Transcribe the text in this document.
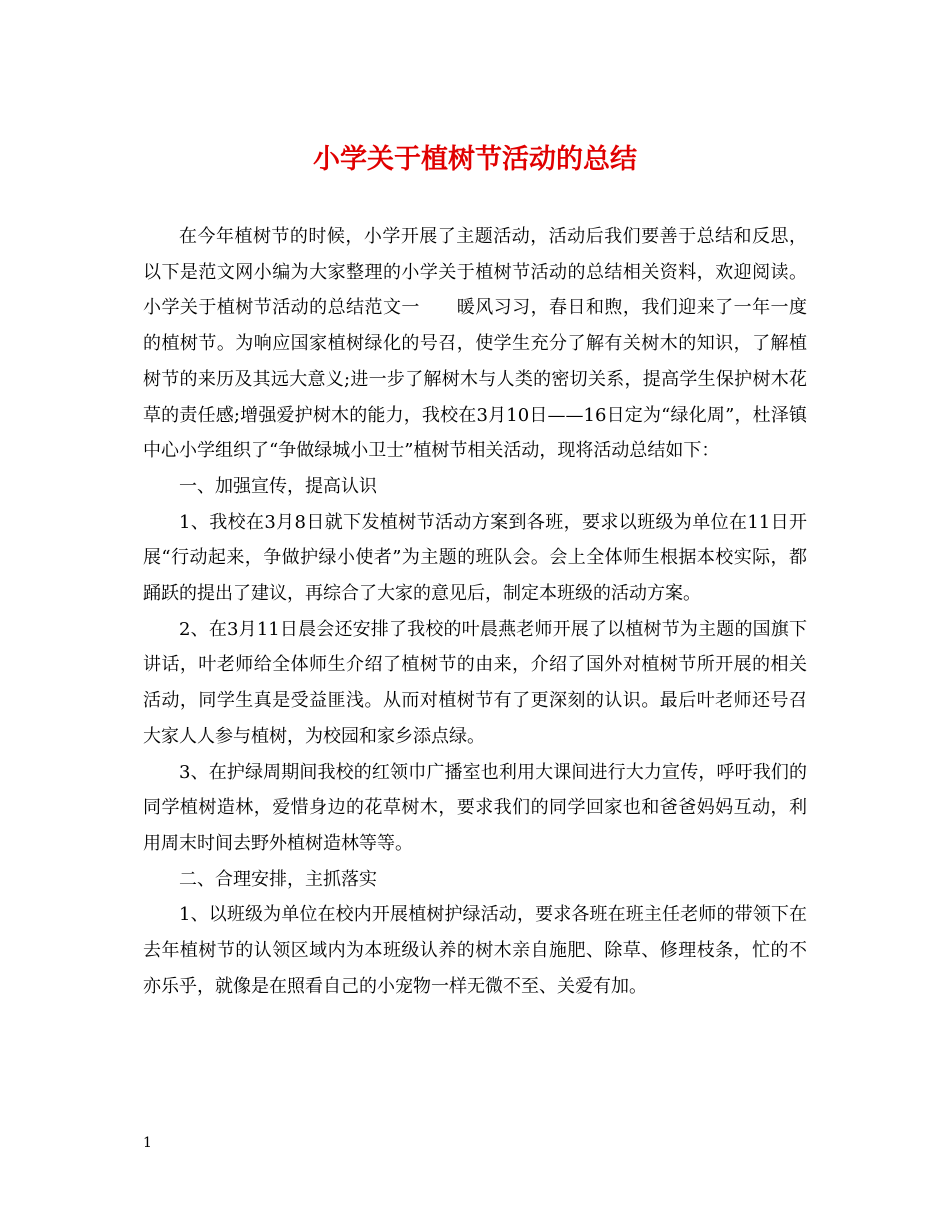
小学关于植树节活动的总结

在今年植树节的时候，小学开展了主题活动，活动后我们要善于总结和反思，以下是范文网小编为大家整理的小学关于植树节活动的总结相关资料，欢迎阅读。小学关于植树节活动的总结范文一　　暖风习习，春日和煦，我们迎来了一年一度的植树节。为响应国家植树绿化的号召，使学生充分了解有关树木的知识，了解植树节的来历及其远大意义;进一步了解树木与人类的密切关系，提高学生保护树木花草的责任感;增强爱护树木的能力，我校在3月10日——16日定为“绿化周”，杜泽镇中心小学组织了“争做绿城小卫士”植树节相关活动，现将活动总结如下：

一、加强宣传，提高认识

1、我校在3月8日就下发植树节活动方案到各班，要求以班级为单位在11日开展“行动起来，争做护绿小使者”为主题的班队会。会上全体师生根据本校实际，都踊跃的提出了建议，再综合了大家的意见后，制定本班级的活动方案。

2、在3月11日晨会还安排了我校的叶晨燕老师开展了以植树节为主题的国旗下讲话，叶老师给全体师生介绍了植树节的由来，介绍了国外对植树节所开展的相关活动，同学生真是受益匪浅。从而对植树节有了更深刻的认识。最后叶老师还号召大家人人参与植树，为校园和家乡添点绿。

3、在护绿周期间我校的红领巾广播室也利用大课间进行大力宣传，呼吁我们的同学植树造林，爱惜身边的花草树木，要求我们的同学回家也和爸爸妈妈互动，利用周末时间去野外植树造林等等。

二、合理安排，主抓落实

1、以班级为单位在校内开展植树护绿活动，要求各班在班主任老师的带领下在去年植树节的认领区域内为本班级认养的树木亲自施肥、除草、修理枝条，忙的不亦乐乎，就像是在照看自己的小宠物一样无微不至、关爱有加。

1
